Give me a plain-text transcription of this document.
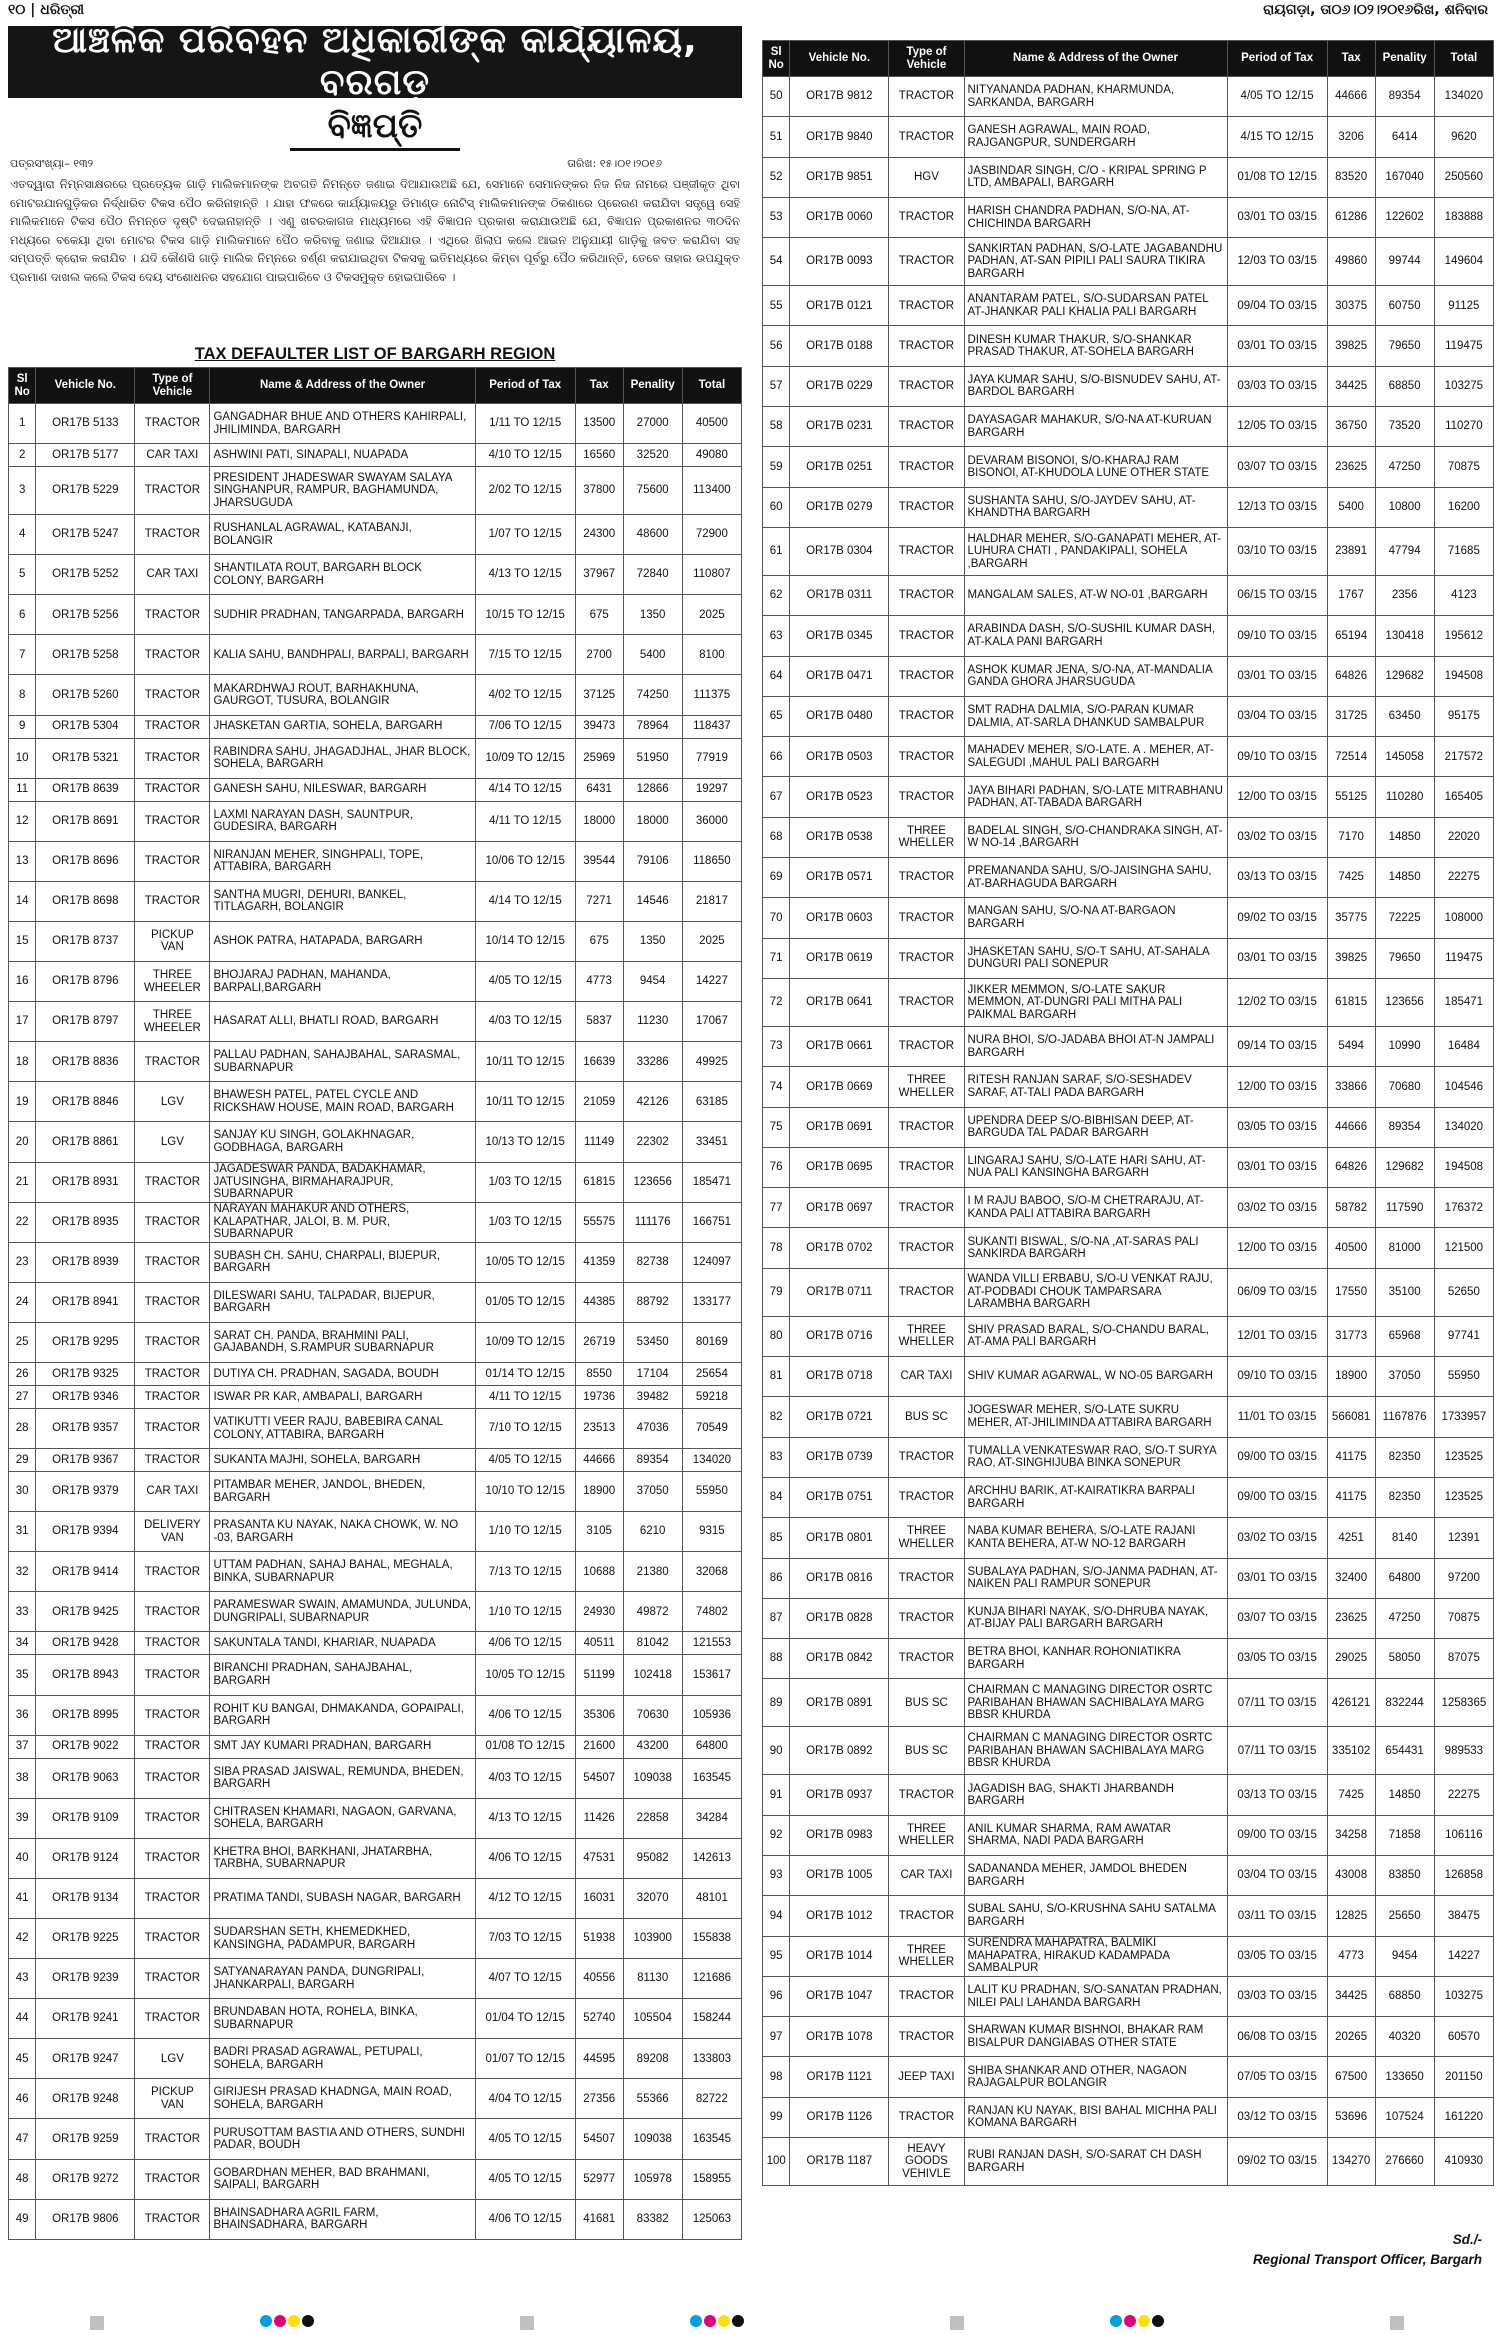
୧୦ | ଧରିତ୍ରୀ	ରାୟଗଡ଼ା, ତା୦୬।୦୨।୨୦୧୬ରିଖ, ଶନିବାର
ଆଞ୍ଚଳିକ ପରିବହନ ଅଧିକାରୀଙ୍କ କାର୍ଯ୍ୟାଳୟ, ବରଗଡ଼
ବିଜ୍ଞପ୍ତି
ପତ୍ରସଂଖ୍ୟା– ୧୩୨	ତାରିଖ: ୧୫।୦୧।୨୦୧୬
ଏତଦ୍ୱାରା ନିମ୍ନସାକ୍ଷରରେ ପ୍ରତ୍ୟେକ ଗାଡ଼ି ମାଲିକମାନଙ୍କ ଅବଗତି ନିମନ୍ତେ ଜଣାଇ ଦିଆଯାଉଅଛି ଯେ, ସେମାନେ ସେମାନଙ୍କର ନିଜ ନିଜ ନାମରେ ପଞ୍ଜୀକୃତ ଥିବା ମୋଟରଯାନଗୁଡ଼ିକର ନିର୍ଦ୍ଧାରିତ ଟିକସ ପୈଠ କରିନାହାନ୍ତି । ଯାହା ଫଳରେ କାର୍ଯ୍ୟାଳୟରୁ ଡିମାଣ୍ଡ ନୋଟିସ୍ ମାଲିକମାନଙ୍କ ଠିକଣାରେ ପ୍ରେରଣ କରାଯିବା ସତ୍ତ୍ୱେ ସେହି ମାଲିକମାନେ ଟିକସ ପୈଠ ନିମନ୍ତେ ଦୃଷ୍ଟି ଦେଇନାହାନ୍ତି । ଏଣୁ ଖବରକାଗଜ ମାଧ୍ୟମରେ ଏହି ବିଜ୍ଞାପନ ପ୍ରକାଶ କରାଯାଉଅଛି ଯେ, ବିଜ୍ଞାପନ ପ୍ରକାଶନର ୩୦ଦିନ ମଧ୍ୟରେ ବକେୟା ଥିବା ମୋଟର ଟିକସ ଗାଡ଼ି ମାଲିକମାନେ ପୈଠ କରିବାକୁ ଜଣାଇ ଦିଆଯାଉ । ଏଥିରେ ଖିଲାପ କଲେ ଆଇନ ଅନୁଯାୟୀ ଗାଡ଼ିକୁ ଜବତ କରାଯିବା ସହ ସମ୍ପତ୍ତି କ୍ରୋକ କରାଯିବ । ଯଦି କୌଣସି ଗାଡ଼ି ମାଲିକ ନିମ୍ନରେ ବର୍ଣ୍ଣ କରାଯାଇଥିବା ଟିକସକୁ ଇତିମଧ୍ୟରେ କିମ୍ବା ପୂର୍ବରୁ ପୈଠ କରିଥାନ୍ତି, ତେବେ ତାହାର ଉପଯୁକ୍ତ ପ୍ରମାଣ ଦାଖଲ କଲେ ଟିକସ ଦେୟ ସଂଶୋଧନର ସହଯୋଗ ପାଇପାରିବେ ଓ ଟିକସମୁକ୍ତ ହୋଇପାରିବେ ।
TAX DEFAULTER LIST OF BARGARH REGION
Sl No	Vehicle No.	Type of Vehicle	Name & Address of the Owner	Period of Tax	Tax	Penality	Total
1	OR17B 5133	TRACTOR	GANGADHAR BHUE AND OTHERS KAHIRPALI, JHILIMINDA, BARGARH	1/11 TO 12/15	13500	27000	40500
2	OR17B 5177	CAR TAXI	ASHWINI PATI, SINAPALI, NUAPADA	4/10 TO 12/15	16560	32520	49080
3	OR17B 5229	TRACTOR	PRESIDENT JHADESWAR SWAYAM SALAYA SINGHANPUR, RAMPUR, BAGHAMUNDA, JHARSUGUDA	2/02 TO 12/15	37800	75600	113400
4	OR17B 5247	TRACTOR	RUSHANLAL AGRAWAL, KATABANJI, BOLANGIR	1/07 TO 12/15	24300	48600	72900
5	OR17B 5252	CAR TAXI	SHANTILATA ROUT, BARGARH BLOCK COLONY, BARGARH	4/13 TO 12/15	37967	72840	110807
6	OR17B 5256	TRACTOR	SUDHIR PRADHAN, TANGARPADA, BARGARH	10/15 TO 12/15	675	1350	2025
7	OR17B 5258	TRACTOR	KALIA SAHU, BANDHPALI, BARPALI, BARGARH	7/15 TO 12/15	2700	5400	8100
8	OR17B 5260	TRACTOR	MAKARDHWAJ ROUT, BARHAKHUNA, GAURGOT, TUSURA, BOLANGIR	4/02 TO 12/15	37125	74250	111375
9	OR17B 5304	TRACTOR	JHASKETAN GARTIA, SOHELA, BARGARH	7/06 TO 12/15	39473	78964	118437
10	OR17B 5321	TRACTOR	RABINDRA SAHU, JHAGADJHAL, JHAR BLOCK, SOHELA, BARGARH	10/09 TO 12/15	25969	51950	77919
11	OR17B 8639	TRACTOR	GANESH SAHU, NILESWAR, BARGARH	4/14 TO 12/15	6431	12866	19297
12	OR17B 8691	TRACTOR	LAXMI NARAYAN DASH, SAUNTPUR, GUDESIRA, BARGARH	4/11 TO 12/15	18000	18000	36000
13	OR17B 8696	TRACTOR	NIRANJAN MEHER, SINGHPALI, TOPE, ATTABIRA, BARGARH	10/06 TO 12/15	39544	79106	118650
14	OR17B 8698	TRACTOR	SANTHA MUGRI, DEHURI, BANKEL, TITLAGARH, BOLANGIR	4/14 TO 12/15	7271	14546	21817
15	OR17B 8737	PICKUP VAN	ASHOK PATRA, HATAPADA, BARGARH	10/14 TO 12/15	675	1350	2025
16	OR17B 8796	THREE WHEELER	BHOJARAJ PADHAN, MAHANDA, BARPALI,BARGARH	4/05 TO 12/15	4773	9454	14227
17	OR17B 8797	THREE WHEELER	HASARAT ALLI, BHATLI ROAD, BARGARH	4/03 TO 12/15	5837	11230	17067
18	OR17B 8836	TRACTOR	PALLAU PADHAN, SAHAJBAHAL, SARASMAL, SUBARNAPUR	10/11 TO 12/15	16639	33286	49925
19	OR17B 8846	LGV	BHAWESH PATEL, PATEL CYCLE AND RICKSHAW HOUSE, MAIN ROAD, BARGARH	10/11 TO 12/15	21059	42126	63185
20	OR17B 8861	LGV	SANJAY KU SINGH, GOLAKHNAGAR, GODBHAGA, BARGARH	10/13 TO 12/15	11149	22302	33451
21	OR17B 8931	TRACTOR	JAGADESWAR PANDA, BADAKHAMAR, JATUSINGHA, BIRMAHARAJPUR, SUBARNAPUR	1/03 TO 12/15	61815	123656	185471
22	OR17B 8935	TRACTOR	NARAYAN MAHAKUR AND OTHERS, KALAPATHAR, JALOI, B. M. PUR, SUBARNAPUR	1/03 TO 12/15	55575	111176	166751
23	OR17B 8939	TRACTOR	SUBASH CH. SAHU, CHARPALI, BIJEPUR, BARGARH	10/05 TO 12/15	41359	82738	124097
24	OR17B 8941	TRACTOR	DILESWARI SAHU, TALPADAR, BIJEPUR, BARGARH	01/05 TO 12/15	44385	88792	133177
25	OR17B 9295	TRACTOR	SARAT CH. PANDA, BRAHMINI PALI, GAJABANDH, S.RAMPUR SUBARNAPUR	10/09 TO 12/15	26719	53450	80169
26	OR17B 9325	TRACTOR	DUTIYA CH. PRADHAN, SAGADA, BOUDH	01/14 TO 12/15	8550	17104	25654
27	OR17B 9346	TRACTOR	ISWAR PR KAR, AMBAPALI, BARGARH	4/11 TO 12/15	19736	39482	59218
28	OR17B 9357	TRACTOR	VATIKUTTI VEER RAJU, BABEBIRA CANAL COLONY, ATTABIRA, BARGARH	7/10 TO 12/15	23513	47036	70549
29	OR17B 9367	TRACTOR	SUKANTA MAJHI, SOHELA, BARGARH	4/05 TO 12/15	44666	89354	134020
30	OR17B 9379	CAR TAXI	PITAMBAR MEHER, JANDOL, BHEDEN, BARGARH	10/10 TO 12/15	18900	37050	55950
31	OR17B 9394	DELIVERY VAN	PRASANTA KU NAYAK, NAKA CHOWK, W. NO -03, BARGARH	1/10 TO 12/15	3105	6210	9315
32	OR17B 9414	TRACTOR	UTTAM PADHAN, SAHAJ BAHAL, MEGHALA, BINKA, SUBARNAPUR	7/13 TO 12/15	10688	21380	32068
33	OR17B 9425	TRACTOR	PARAMESWAR SWAIN, AMAMUNDA, JULUNDA, DUNGRIPALI, SUBARNAPUR	1/10 TO 12/15	24930	49872	74802
34	OR17B 9428	TRACTOR	SAKUNTALA TANDI, KHARIAR, NUAPADA	4/06 TO 12/15	40511	81042	121553
35	OR17B 8943	TRACTOR	BIRANCHI PRADHAN, SAHAJBAHAL, BARGARH	10/05 TO 12/15	51199	102418	153617
36	OR17B 8995	TRACTOR	ROHIT KU BANGAI, DHMAKANDA, GOPAIPALI, BARGARH	4/06 TO 12/15	35306	70630	105936
37	OR17B 9022	TRACTOR	SMT JAY KUMARI PRADHAN, BARGARH	01/08 TO 12/15	21600	43200	64800
38	OR17B 9063	TRACTOR	SIBA PRASAD JAISWAL, REMUNDA, BHEDEN, BARGARH	4/03 TO 12/15	54507	109038	163545
39	OR17B 9109	TRACTOR	CHITRASEN KHAMARI, NAGAON, GARVANA, SOHELA, BARGARH	4/13 TO 12/15	11426	22858	34284
40	OR17B 9124	TRACTOR	KHETRA BHOI, BARKHANI, JHATARBHA, TARBHA, SUBARNAPUR	4/06 TO 12/15	47531	95082	142613
41	OR17B 9134	TRACTOR	PRATIMA TANDI, SUBASH NAGAR, BARGARH	4/12 TO 12/15	16031	32070	48101
42	OR17B 9225	TRACTOR	SUDARSHAN SETH, KHEMEDKHED, KANSINGHA, PADAMPUR, BARGARH	7/03 TO 12/15	51938	103900	155838
43	OR17B 9239	TRACTOR	SATYANARAYAN PANDA, DUNGRIPALI, JHANKARPALI, BARGARH	4/07 TO 12/15	40556	81130	121686
44	OR17B 9241	TRACTOR	BRUNDABAN HOTA, ROHELA, BINKA, SUBARNAPUR	01/04 TO 12/15	52740	105504	158244
45	OR17B 9247	LGV	BADRI PRASAD AGRAWAL, PETUPALI, SOHELA, BARGARH	01/07 TO 12/15	44595	89208	133803
46	OR17B 9248	PICKUP VAN	GIRIJESH PRASAD KHADNGA, MAIN ROAD, SOHELA, BARGARH	4/04 TO 12/15	27356	55366	82722
47	OR17B 9259	TRACTOR	PURUSOTTAM BASTIA AND OTHERS, SUNDHI PADAR, BOUDH	4/05 TO 12/15	54507	109038	163545
48	OR17B 9272	TRACTOR	GOBARDHAN MEHER, BAD BRAHMANI, SAIPALI, BARGARH	4/05 TO 12/15	52977	105978	158955
49	OR17B 9806	TRACTOR	BHAINSADHARA AGRIL FARM, BHAINSADHARA, BARGARH	4/06 TO 12/15	41681	83382	125063
Sl No	Vehicle No.	Type of Vehicle	Name & Address of the Owner	Period of Tax	Tax	Penality	Total
50	OR17B 9812	TRACTOR	NITYANANDA PADHAN, KHARMUNDA, SARKANDA, BARGARH	4/05 TO 12/15	44666	89354	134020
51	OR17B 9840	TRACTOR	GANESH AGRAWAL, MAIN ROAD, RAJGANGPUR, SUNDERGARH	4/15 TO 12/15	3206	6414	9620
52	OR17B 9851	HGV	JASBINDAR SINGH, C/O - KRIPAL SPRING P LTD, AMBAPALI, BARGARH	01/08 TO 12/15	83520	167040	250560
53	OR17B 0060	TRACTOR	HARISH CHANDRA PADHAN, S/O-NA, AT-CHICHINDA BARGARH	03/01 TO 03/15	61286	122602	183888
54	OR17B 0093	TRACTOR	SANKIRTAN PADHAN, S/O-LATE JAGABANDHU PADHAN, AT-SAN PIPILI PALI SAURA TIKIRA BARGARH	12/03 TO 03/15	49860	99744	149604
55	OR17B 0121	TRACTOR	ANANTARAM PATEL, S/O-SUDARSAN PATEL AT-JHANKAR PALI KHALIA PALI BARGARH	09/04 TO 03/15	30375	60750	91125
56	OR17B 0188	TRACTOR	DINESH KUMAR THAKUR, S/O-SHANKAR PRASAD THAKUR, AT-SOHELA BARGARH	03/01 TO 03/15	39825	79650	119475
57	OR17B 0229	TRACTOR	JAYA KUMAR SAHU, S/O-BISNUDEV SAHU, AT-BARDOL BARGARH	03/03 TO 03/15	34425	68850	103275
58	OR17B 0231	TRACTOR	DAYASAGAR MAHAKUR, S/O-NA AT-KURUAN BARGARH	12/05 TO 03/15	36750	73520	110270
59	OR17B 0251	TRACTOR	DEVARAM BISONOI, S/O-KHARAJ RAM BISONOI, AT-KHUDOLA LUNE OTHER STATE	03/07 TO 03/15	23625	47250	70875
60	OR17B 0279	TRACTOR	SUSHANTA SAHU, S/O-JAYDEV SAHU, AT-KHANDTHA BARGARH	12/13 TO 03/15	5400	10800	16200
61	OR17B 0304	TRACTOR	HALDHAR MEHER, S/O-GANAPATI MEHER, AT-LUHURA CHATI , PANDAKIPALI, SOHELA ,BARGARH	03/10 TO 03/15	23891	47794	71685
62	OR17B 0311	TRACTOR	MANGALAM SALES, AT-W NO-01 ,BARGARH	06/15 TO 03/15	1767	2356	4123
63	OR17B 0345	TRACTOR	ARABINDA DASH, S/O-SUSHIL KUMAR DASH, AT-KALA PANI BARGARH	09/10 TO 03/15	65194	130418	195612
64	OR17B 0471	TRACTOR	ASHOK KUMAR JENA, S/O-NA, AT-MANDALIA GANDA GHORA JHARSUGUDA	03/01 TO 03/15	64826	129682	194508
65	OR17B 0480	TRACTOR	SMT RADHA DALMIA, S/O-PARAN KUMAR DALMIA, AT-SARLA DHANKUD SAMBALPUR	03/04 TO 03/15	31725	63450	95175
66	OR17B 0503	TRACTOR	MAHADEV MEHER, S/O-LATE. A . MEHER, AT-SALEGUDI ,MAHUL PALI BARGARH	09/10 TO 03/15	72514	145058	217572
67	OR17B 0523	TRACTOR	JAYA BIHARI PADHAN, S/O-LATE MITRABHANU PADHAN, AT-TABADA BARGARH	12/00 TO 03/15	55125	110280	165405
68	OR17B 0538	THREE WHELLER	BADELAL SINGH, S/O-CHANDRAKA SINGH, AT-W NO-14 ,BARGARH	03/02 TO 03/15	7170	14850	22020
69	OR17B 0571	TRACTOR	PREMANANDA SAHU, S/O-JAISINGHA SAHU, AT-BARHAGUDA BARGARH	03/13 TO 03/15	7425	14850	22275
70	OR17B 0603	TRACTOR	MANGAN SAHU, S/O-NA AT-BARGAON BARGARH	09/02 TO 03/15	35775	72225	108000
71	OR17B 0619	TRACTOR	JHASKETAN SAHU, S/O-T SAHU, AT-SAHALA DUNGURI PALI SONEPUR	03/01 TO 03/15	39825	79650	119475
72	OR17B 0641	TRACTOR	JIKKER MEMMON, S/O-LATE SAKUR MEMMON, AT-DUNGRI PALI MITHA PALI PAIKMAL BARGARH	12/02 TO 03/15	61815	123656	185471
73	OR17B 0661	TRACTOR	NURA BHOI, S/O-JADABA BHOI AT-N JAMPALI BARGARH	09/14 TO 03/15	5494	10990	16484
74	OR17B 0669	THREE WHELLER	RITESH RANJAN SARAF, S/O-SESHADEV SARAF, AT-TALI PADA BARGARH	12/00 TO 03/15	33866	70680	104546
75	OR17B 0691	TRACTOR	UPENDRA DEEP S/O-BIBHISAN DEEP, AT-BARGUDA TAL PADAR BARGARH	03/05 TO 03/15	44666	89354	134020
76	OR17B 0695	TRACTOR	LINGARAJ SAHU, S/O-LATE HARI SAHU, AT-NUA PALI KANSINGHA BARGARH	03/01 TO 03/15	64826	129682	194508
77	OR17B 0697	TRACTOR	I M RAJU BABOO, S/O-M CHETRARAJU, AT-KANDA PALI ATTABIRA BARGARH	03/02 TO 03/15	58782	117590	176372
78	OR17B 0702	TRACTOR	SUKANTI BISWAL, S/O-NA ,AT-SARAS PALI SANKIRDA BARGARH	12/00 TO 03/15	40500	81000	121500
79	OR17B 0711	TRACTOR	WANDA VILLI ERBABU, S/O-U VENKAT RAJU, AT-PODBADI CHOUK TAMPARSARA LARAMBHA BARGARH	06/09 TO 03/15	17550	35100	52650
80	OR17B 0716	THREE WHELLER	SHIV PRASAD BARAL, S/O-CHANDU BARAL, AT-AMA PALI BARGARH	12/01 TO 03/15	31773	65968	97741
81	OR17B 0718	CAR TAXI	SHIV KUMAR AGARWAL, W NO-05 BARGARH	09/10 TO 03/15	18900	37050	55950
82	OR17B 0721	BUS SC	JOGESWAR MEHER, S/O-LATE SUKRU MEHER, AT-JHILIMINDA ATTABIRA BARGARH	11/01 TO 03/15	566081	1167876	1733957
83	OR17B 0739	TRACTOR	TUMALLA VENKATESWAR RAO, S/O-T SURYA RAO, AT-SINGHIJUBA BINKA SONEPUR	09/00 TO 03/15	41175	82350	123525
84	OR17B 0751	TRACTOR	ARCHHU BARIK, AT-KAIRATIKRA BARPALI BARGARH	09/00 TO 03/15	41175	82350	123525
85	OR17B 0801	THREE WHELLER	NABA KUMAR BEHERA, S/O-LATE RAJANI KANTA BEHERA, AT-W NO-12 BARGARH	03/02 TO 03/15	4251	8140	12391
86	OR17B 0816	TRACTOR	SUBALAYA PADHAN, S/O-JANMA PADHAN, AT-NAIKEN PALI RAMPUR SONEPUR	03/01 TO 03/15	32400	64800	97200
87	OR17B 0828	TRACTOR	KUNJA BIHARI NAYAK, S/O-DHRUBA NAYAK, AT-BIJAY PALI BARGARH BARGARH	03/07 TO 03/15	23625	47250	70875
88	OR17B 0842	TRACTOR	BETRA BHOI, KANHAR ROHONIATIKRA BARGARH	03/05 TO 03/15	29025	58050	87075
89	OR17B 0891	BUS SC	CHAIRMAN C MANAGING DIRECTOR OSRTC PARIBAHAN BHAWAN SACHIBALAYA MARG BBSR KHURDA	07/11 TO 03/15	426121	832244	1258365
90	OR17B 0892	BUS SC	CHAIRMAN C MANAGING DIRECTOR OSRTC PARIBAHAN BHAWAN SACHIBALAYA MARG BBSR KHURDA	07/11 TO 03/15	335102	654431	989533
91	OR17B 0937	TRACTOR	JAGADISH BAG, SHAKTI JHARBANDH BARGARH	03/13 TO 03/15	7425	14850	22275
92	OR17B 0983	THREE WHELLER	ANIL KUMAR SHARMA, RAM AWATAR SHARMA, NADI PADA BARGARH	09/00 TO 03/15	34258	71858	106116
93	OR17B 1005	CAR TAXI	SADANANDA MEHER, JAMDOL BHEDEN BARGARH	03/04 TO 03/15	43008	83850	126858
94	OR17B 1012	TRACTOR	SUBAL SAHU, S/O-KRUSHNA SAHU SATALMA BARGARH	03/11 TO 03/15	12825	25650	38475
95	OR17B 1014	THREE WHELLER	SURENDRA MAHAPATRA, BALMIKI MAHAPATRA, HIRAKUD KADAMPADA SAMBALPUR	03/05 TO 03/15	4773	9454	14227
96	OR17B 1047	TRACTOR	LALIT KU PRADHAN, S/O-SANATAN PRADHAN, NILEI PALI LAHANDA BARGARH	03/03 TO 03/15	34425	68850	103275
97	OR17B 1078	TRACTOR	SHARWAN KUMAR BISHNOI, BHAKAR RAM BISALPUR DANGIABAS OTHER STATE	06/08 TO 03/15	20265	40320	60570
98	OR17B 1121	JEEP TAXI	SHIBA SHANKAR AND OTHER, NAGAON RAJAGALPUR BOLANGIR	07/05 TO 03/15	67500	133650	201150
99	OR17B 1126	TRACTOR	RANJAN KU NAYAK, BISI BAHAL MICHHA PALI KOMANA BARGARH	03/12 TO 03/15	53696	107524	161220
100	OR17B 1187	HEAVY GOODS VEHIVLE	RUBI RANJAN DASH, S/O-SARAT CH DASH BARGARH	09/02 TO 03/15	134270	276660	410930
Sd./-
Regional Transport Officer, Bargarh
